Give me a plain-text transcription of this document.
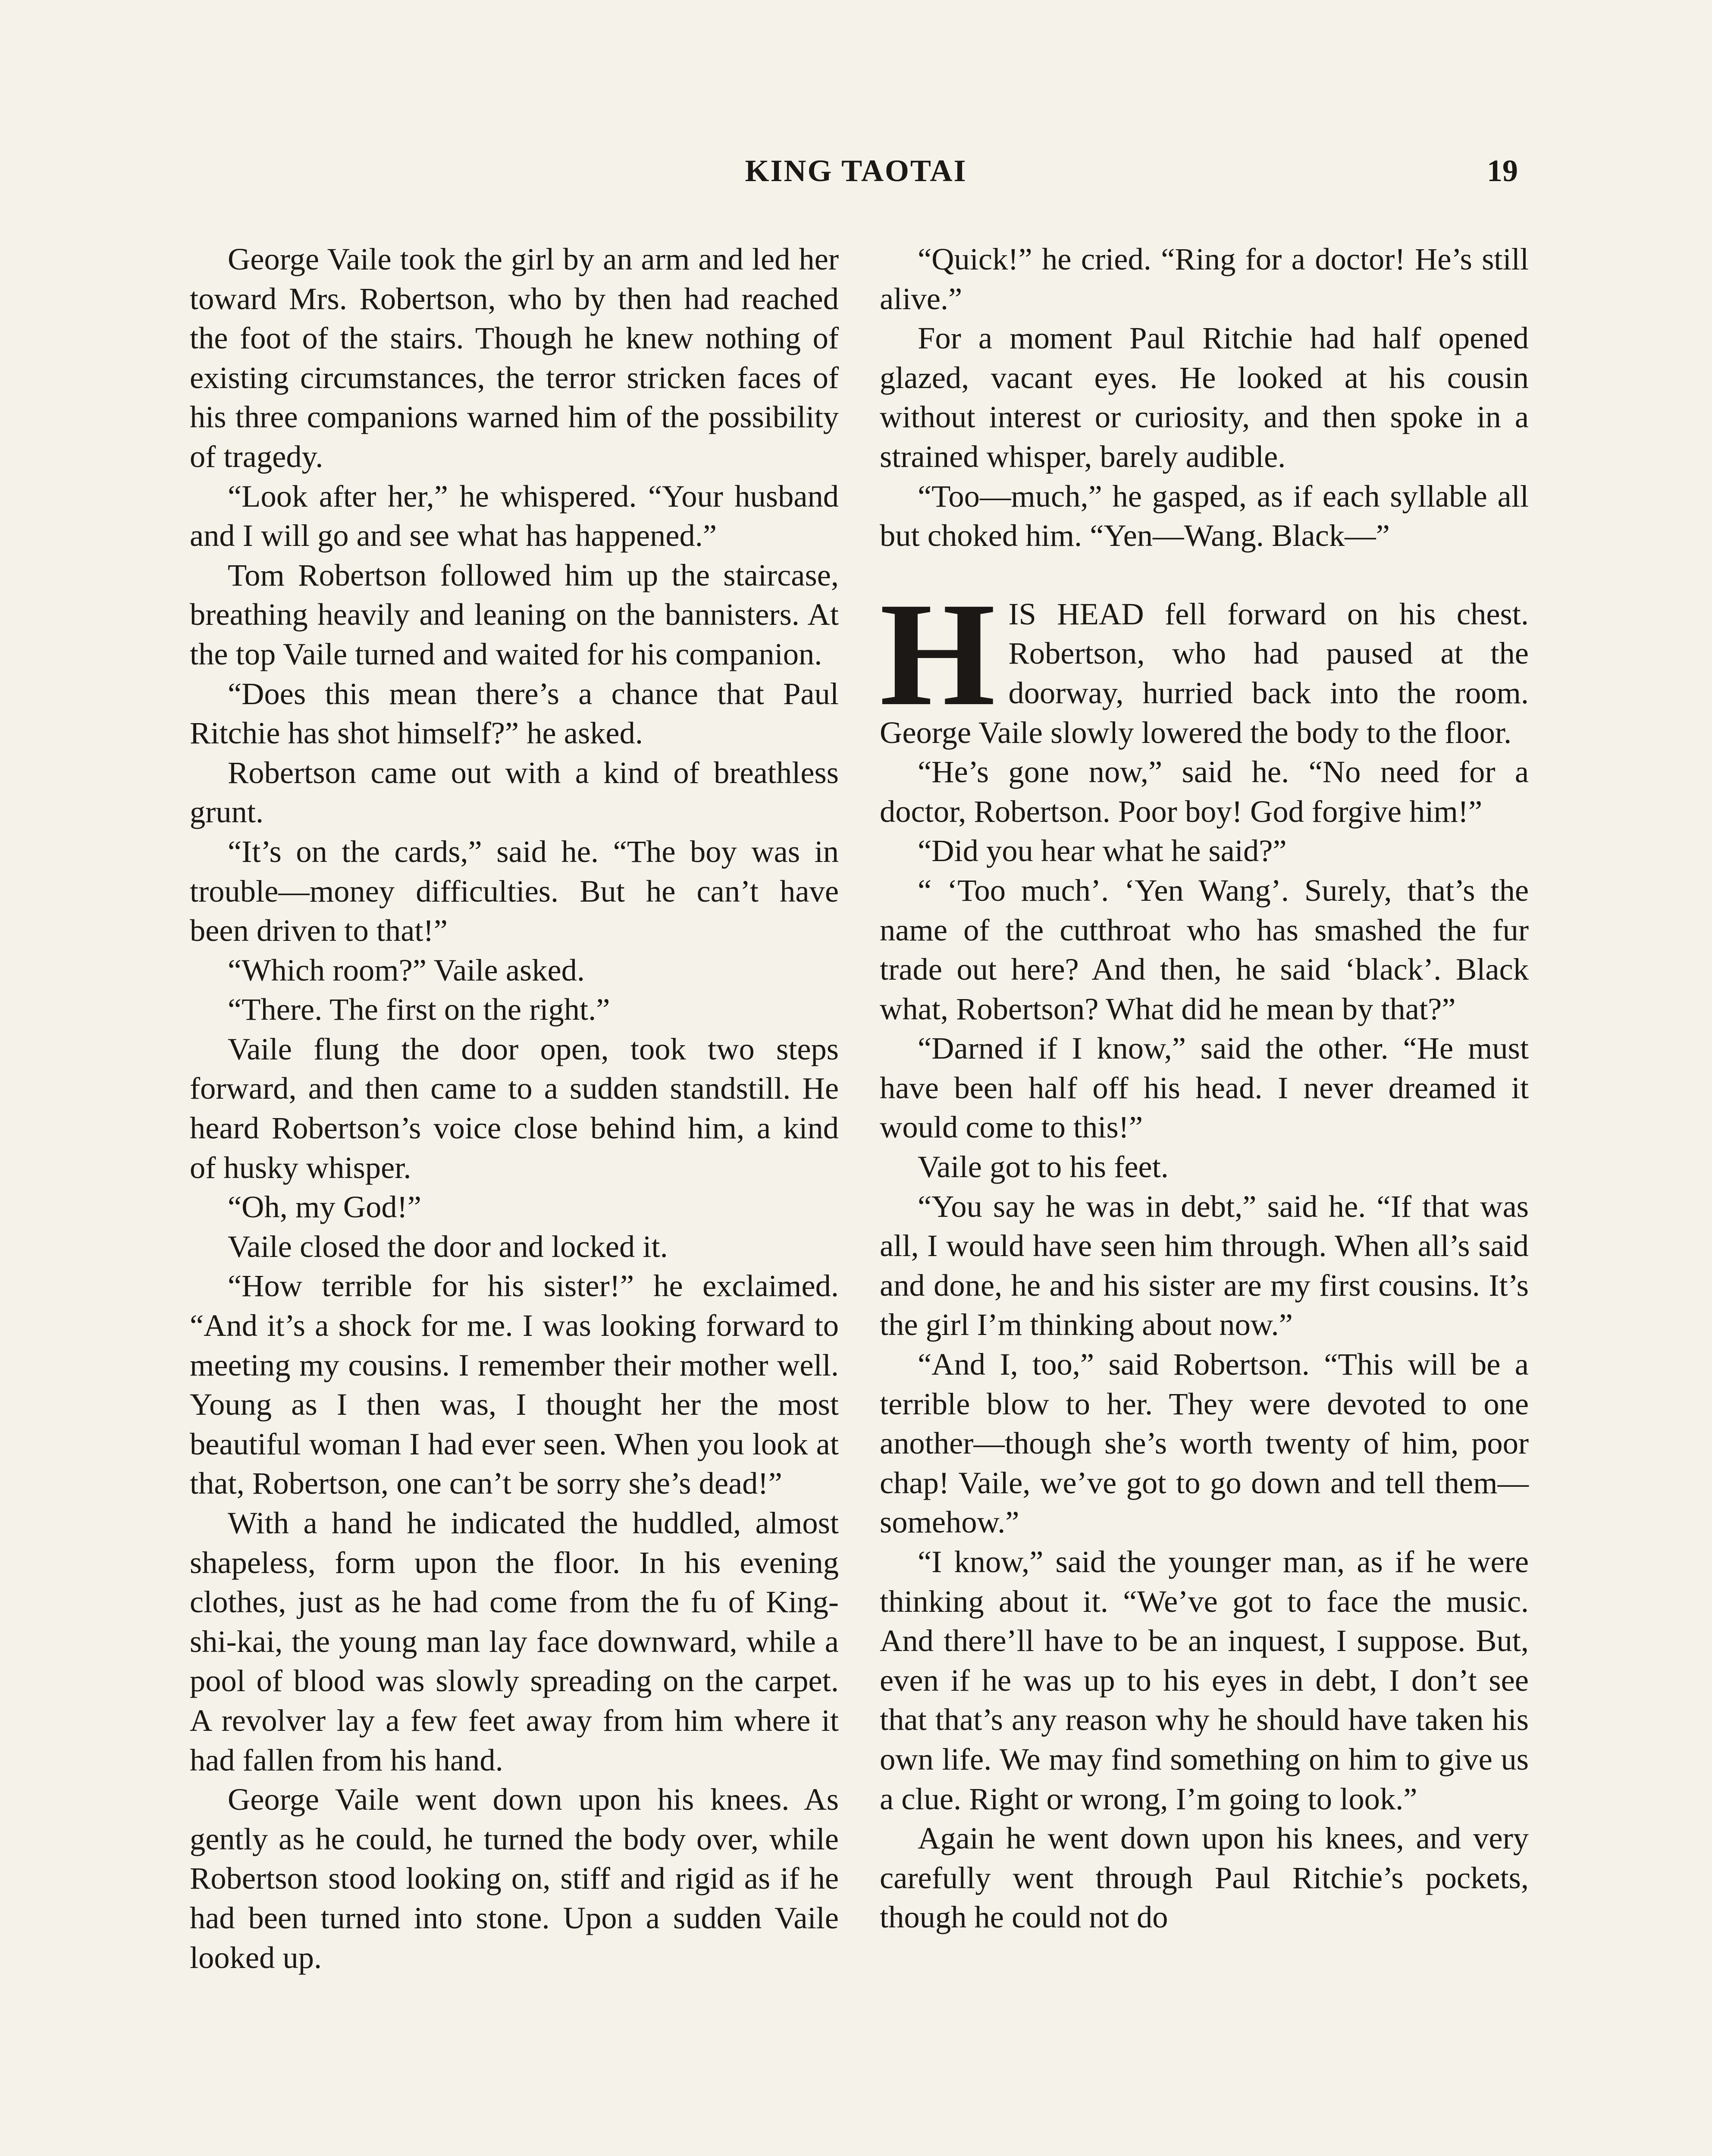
KING TAOTAI	19

George Vaile took the girl by an arm and led her toward Mrs. Robertson, who by then had reached the foot of the stairs. Though he knew nothing of existing circumstances, the terror stricken faces of his three companions warned him of the possibility of tragedy.

“Look after her,” he whispered. “Your husband and I will go and see what has happened.”

Tom Robertson followed him up the staircase, breathing heavily and leaning on the bannisters. At the top Vaile turned and waited for his companion.

“Does this mean there’s a chance that Paul Ritchie has shot himself?” he asked.

Robertson came out with a kind of breathless grunt.

“It’s on the cards,” said he. “The boy was in trouble—money difficulties. But he can’t have been driven to that!”

“Which room?” Vaile asked.

“There. The first on the right.”

Vaile flung the door open, took two steps forward, and then came to a sudden standstill. He heard Robertson’s voice close behind him, a kind of husky whisper.

“Oh, my God!”

Vaile closed the door and locked it.

“How terrible for his sister!” he exclaimed. “And it’s a shock for me. I was looking forward to meeting my cousins. I remember their mother well. Young as I then was, I thought her the most beautiful woman I had ever seen. When you look at that, Robertson, one can’t be sorry she’s dead!”

With a hand he indicated the huddled, almost shapeless, form upon the floor. In his evening clothes, just as he had come from the fu of King-shi-kai, the young man lay face downward, while a pool of blood was slowly spreading on the carpet. A revolver lay a few feet away from him where it had fallen from his hand.

George Vaile went down upon his knees. As gently as he could, he turned the body over, while Robertson stood looking on, stiff and rigid as if he had been turned into stone. Upon a sudden Vaile looked up.

“Quick!” he cried. “Ring for a doctor! He’s still alive.”

For a moment Paul Ritchie had half opened glazed, vacant eyes. He looked at his cousin without interest or curiosity, and then spoke in a strained whisper, barely audible.

“Too—much,” he gasped, as if each syllable all but choked him. “Yen—Wang. Black—”

HIS HEAD fell forward on his chest. Robertson, who had paused at the doorway, hurried back into the room. George Vaile slowly lowered the body to the floor.

“He’s gone now,” said he. “No need for a doctor, Robertson. Poor boy! God forgive him!”

“Did you hear what he said?”

“ ‘Too much’. ‘Yen Wang’. Surely, that’s the name of the cutthroat who has smashed the fur trade out here? And then, he said ‘black’. Black what, Robertson? What did he mean by that?”

“Darned if I know,” said the other. “He must have been half off his head. I never dreamed it would come to this!”

Vaile got to his feet.

“You say he was in debt,” said he. “If that was all, I would have seen him through. When all’s said and done, he and his sister are my first cousins. It’s the girl I’m thinking about now.”

“And I, too,” said Robertson. “This will be a terrible blow to her. They were devoted to one another—though she’s worth twenty of him, poor chap! Vaile, we’ve got to go down and tell them—somehow.”

“I know,” said the younger man, as if he were thinking about it. “We’ve got to face the music. And there’ll have to be an inquest, I suppose. But, even if he was up to his eyes in debt, I don’t see that that’s any reason why he should have taken his own life. We may find something on him to give us a clue. Right or wrong, I’m going to look.”

Again he went down upon his knees, and very carefully went through Paul Ritchie’s pockets, though he could not do
